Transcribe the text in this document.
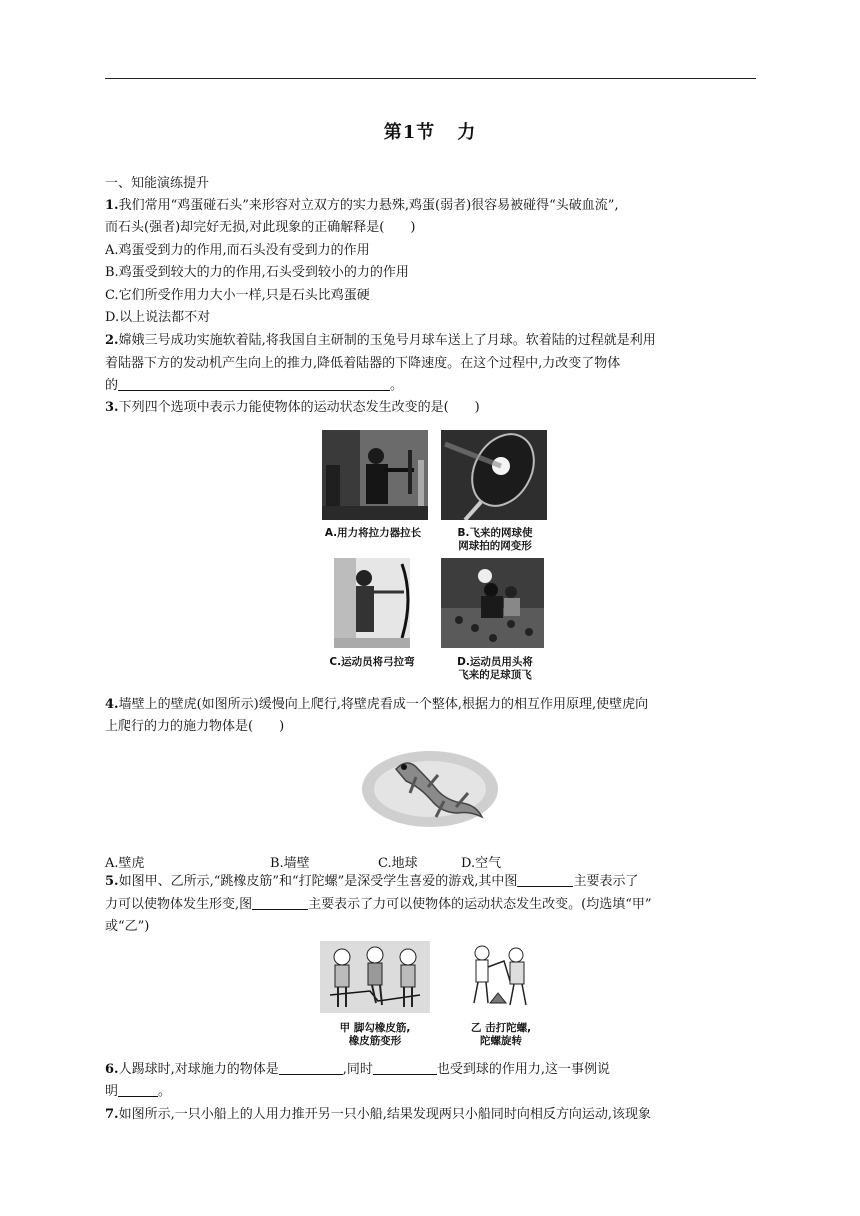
第1节 力
一、知能演练提升
1.我们常用“鸡蛋碰石头”来形容对立双方的实力悬殊,鸡蛋(弱者)很容易被碰得“头破血流”,
而石头(强者)却完好无损,对此现象的正确解释是(　　)
A.鸡蛋受到力的作用,而石头没有受到力的作用
B.鸡蛋受到较大的力的作用,石头受到较小的力的作用
C.它们所受作用力大小一样,只是石头比鸡蛋硬
D.以上说法都不对
2.嫦娥三号成功实施软着陆,将我国自主研制的玉兔号月球车送上了月球。软着陆的过程就是利用
着陆器下方的发动机产生向上的推力,降低着陆器的下降速度。在这个过程中,力改变了物体
的	。
3.下列四个选项中表示力能使物体的运动状态发生改变的是(　　)
A.用力将拉力器拉长	B.飞来的网球使
网球拍的网变形
C.运动员将弓拉弯	D.运动员用头将
飞来的足球顶飞
4.墙壁上的壁虎(如图所示)缓慢向上爬行,将壁虎看成一个整体,根据力的相互作用原理,使壁虎向
上爬行的力的施力物体是(　　)
A.壁虎	B.墙壁	C.地球	D.空气
5.如图甲、乙所示,“跳橡皮筋”和“打陀螺”是深受学生喜爱的游戏,其中图	主要表示了
力可以使物体发生形变,图	主要表示了力可以使物体的运动状态发生改变。(均选填“甲”
或“乙”)
甲 脚勾橡皮筋,
橡皮筋变形
乙 击打陀螺,
陀螺旋转
6.人踢球时,对球施力的物体是	,同时	也受到球的作用力,这一事例说
明	。
7.如图所示,一只小船上的人用力推开另一只小船,结果发现两只小船同时向相反方向运动,该现象
